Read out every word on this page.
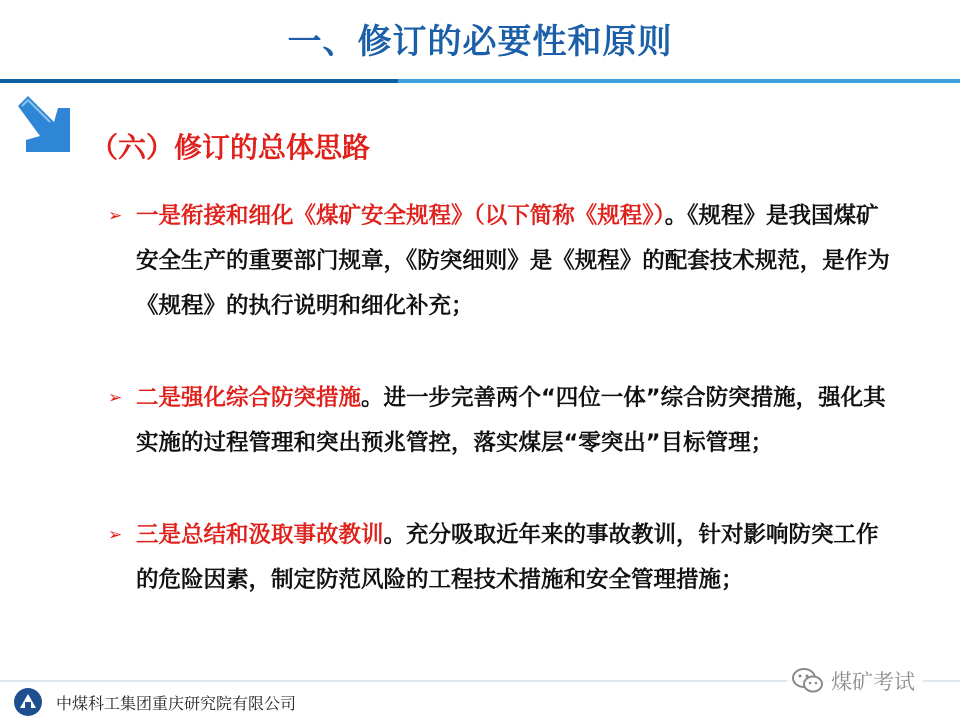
一、修订的必要性和原则
（六）修订的总体思路
➢ 一是衔接和细化《煤矿安全规程》（以下简称《规程》）。《规程》是我国煤矿安全生产的重要部门规章，《防突细则》是《规程》的配套技术规范，是作为《规程》的执行说明和细化补充；
➢ 二是强化综合防突措施。进一步完善两个“四位一体”综合防突措施，强化其实施的过程管理和突出预兆管控，落实煤层“零突出”目标管理；
➢ 三是总结和汲取事故教训。充分吸取近年来的事故教训，针对影响防突工作的危险因素，制定防范风险的工程技术措施和安全管理措施；
中煤科工集团重庆研究院有限公司
煤矿考试
